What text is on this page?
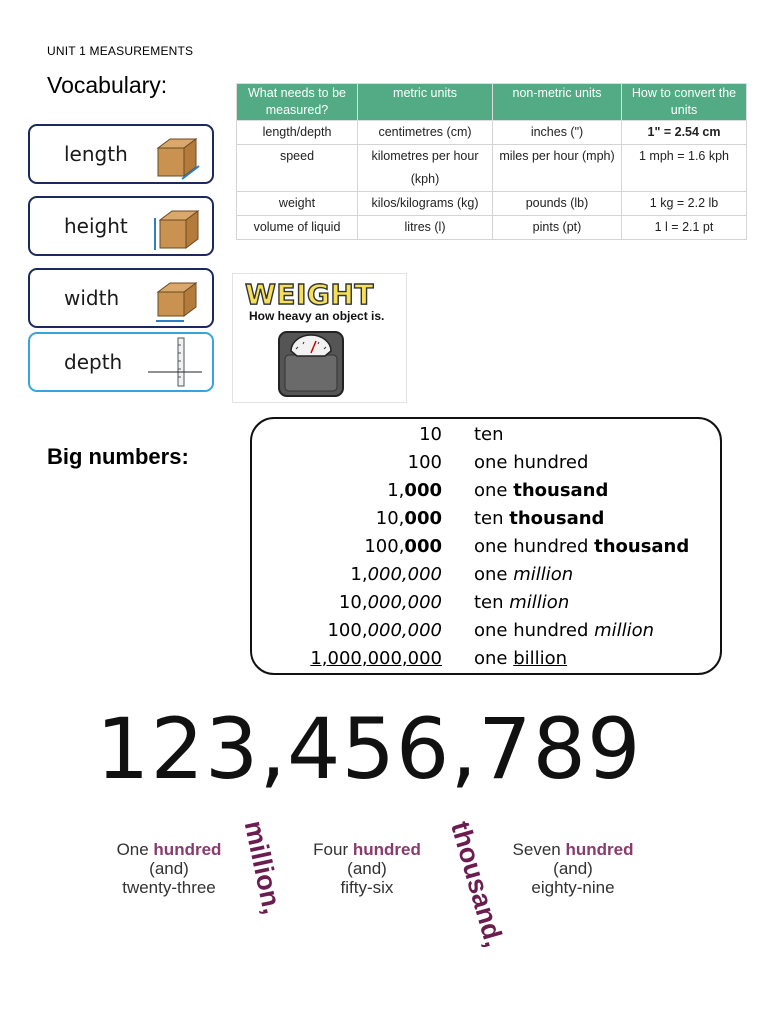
UNIT 1 MEASUREMENTS
Vocabulary:
length
height
width
depth
What needs to be measured?	metric units	non-metric units	How to convert the units
length/depth	centimetres (cm)	inches (")	1" = 2.54 cm
speed	kilometres per hour (kph)	miles per hour (mph)	1 mph = 1.6 kph
weight	kilos/kilograms (kg)	pounds (lb)	1 kg = 2.2 lb
volume of liquid	litres (l)	pints (pt)	1 l = 2.1 pt
WEIGHT
How heavy an object is.
Big numbers:
10 ten
100 one hundred
1,000 one thousand
10,000 ten thousand
100,000 one hundred thousand
1,000,000 one million
10,000,000 ten million
100,000,000 one hundred million
1,000,000,000 one billion
123,456,789
One hundred
(and)
twenty-three million,	Four hundred
(and)
fifty-six	thousand, Seven hundred
(and)
eighty-nine
